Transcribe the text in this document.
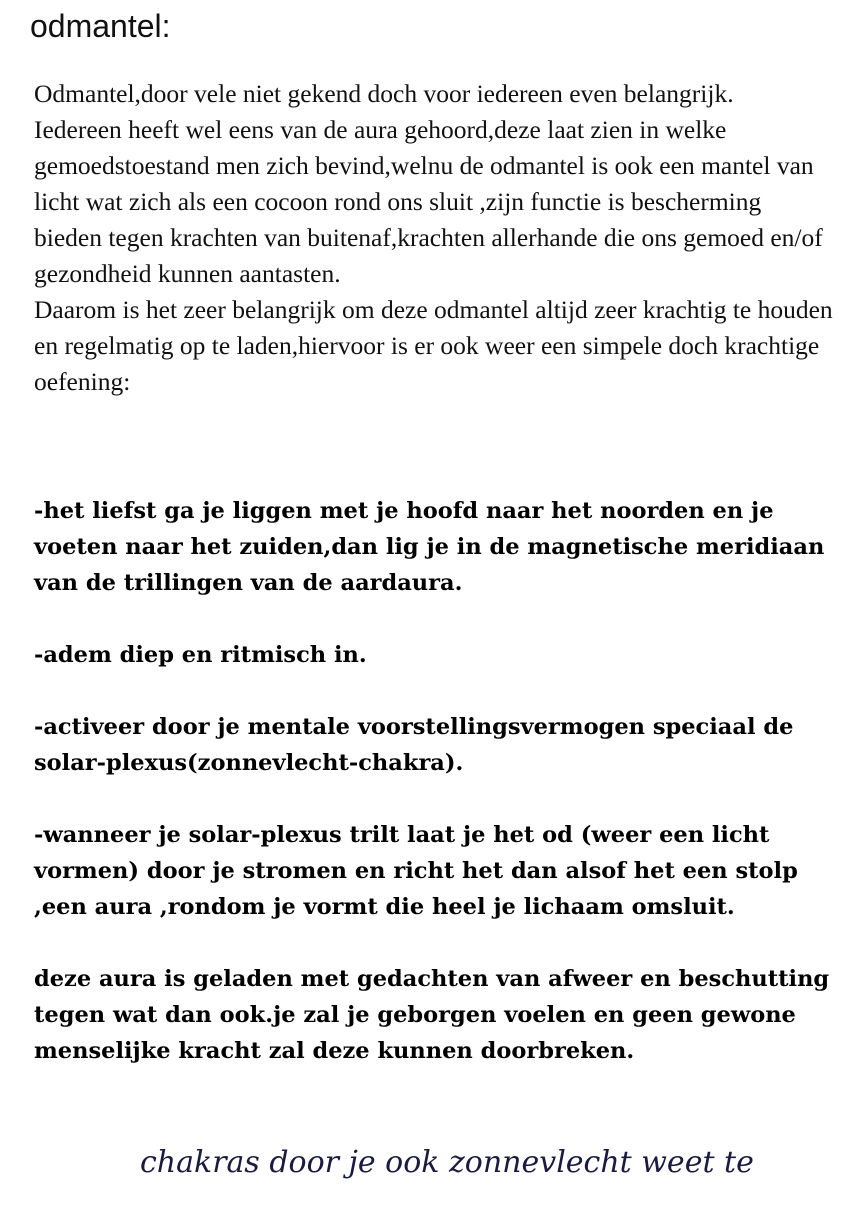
odmantel:

Odmantel,door vele niet gekend doch voor iedereen even belangrijk.

Iedereen heeft wel eens van de aura gehoord,deze laat zien in welke gemoedstoestand men zich bevind,welnu de odmantel is ook een mantel van licht wat zich als een cocoon rond ons sluit ,zijn functie is bescherming bieden tegen krachten van buitenaf,krachten allerhande die ons gemoed en/of gezondheid kunnen aantasten.

Daarom is het zeer belangrijk om deze odmantel altijd zeer krachtig te houden en regelmatig op te laden,hiervoor is er ook weer een simpele doch krachtige oefening:

-het liefst ga je liggen met je hoofd naar het noorden en je voeten naar het zuiden,dan lig je in de magnetische meridiaan van de trillingen van de aardaura.

-adem diep en ritmisch in.

-activeer door je mentale voorstellingsvermogen speciaal de solar-plexus(zonnevlecht-chakra).

-wanneer je solar-plexus trilt laat je het od (weer een licht vormen) door je stromen en richt het dan alsof het een stolp ,een aura ,rondom je vormt die heel je lichaam omsluit.

deze aura is geladen met gedachten van afweer en beschutting tegen wat dan ook.je zal je geborgen voelen en geen gewone menselijke kracht zal deze kunnen doorbreken.

chakras door je ook zonnevlecht weet te
